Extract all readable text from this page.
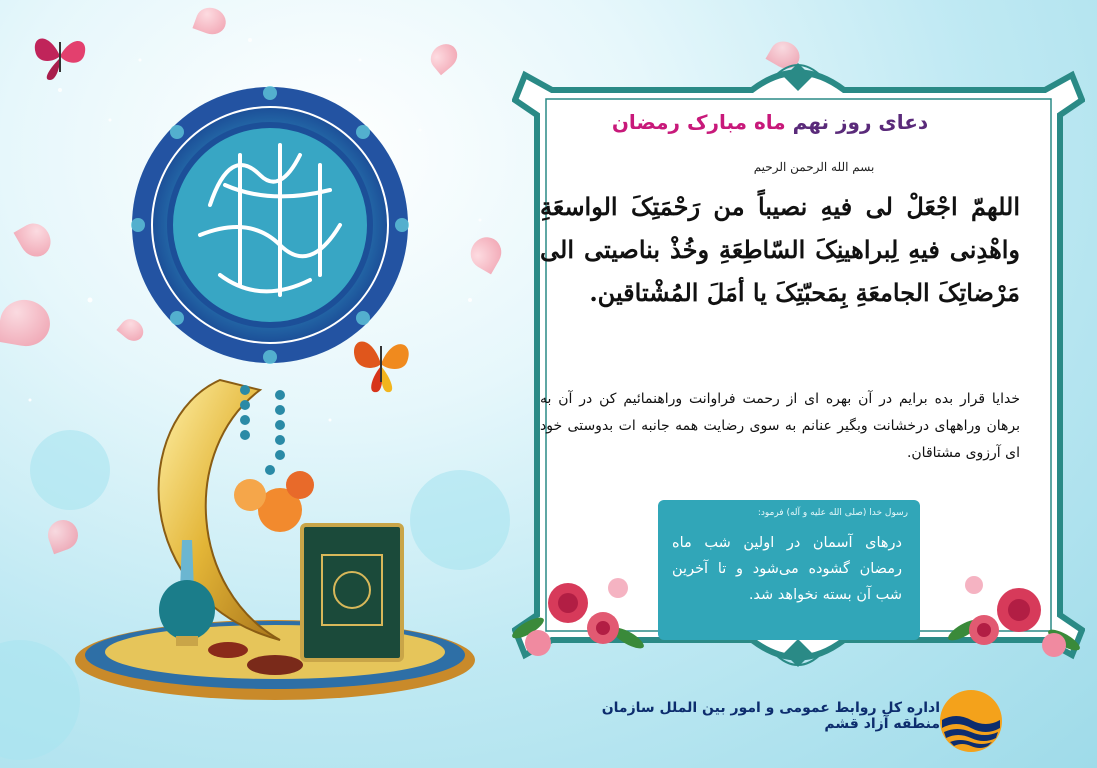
دعای روز نهم ماه مبارک رمضان
بسم الله الرحمن الرحیم
اللهمّ اجْعَلْ لی فیهِ نصیباً من رَحْمَتِکَ الواسعَةِ واهْدِنی فیهِ لِبراهینِکَ السّاطِعَةِ وخُذْ بناصیتی الی مَرْضاتِکَ الجامعَةِ بِمَحبّتِکَ یا أمَلَ المُشْتاقین.
خدایا قرار بده برایم در آن بهره ای از رحمت فراوانت وراهنمائیم کن در آن به برهان وراههای درخشانت وبگیر عنانم به سوی رضایت همه جانبه ات بدوستی خود ای آرزوی مشتاقان.
رسول خدا (صلی الله علیه و آله) فرمود:
درهای آسمان در اولین شب ماه رمضان گشوده می‌شود و تا آخرین شب آن بسته نخواهد شد.
اداره کل روابط عمومی و امور بین الملل سازمان منطقه آزاد قشم
